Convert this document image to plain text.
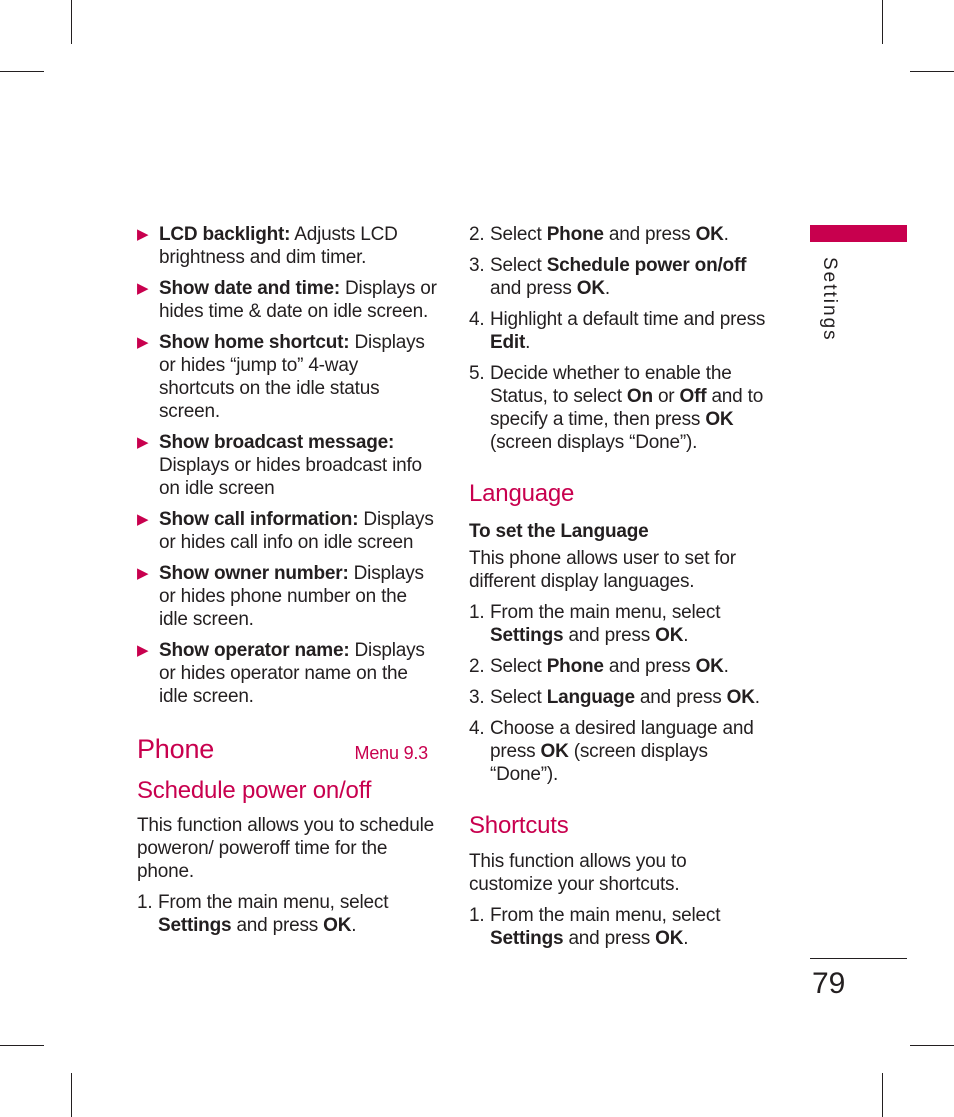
▶ LCD backlight: Adjusts LCD brightness and dim timer.
▶ Show date and time: Displays or hides time & date on idle screen.
▶ Show home shortcut: Displays or hides “jump to” 4-way shortcuts on the idle status screen.
▶ Show broadcast message: Displays or hides broadcast info on idle screen
▶ Show call information: Displays or hides call info on idle screen
▶ Show owner number: Displays or hides phone number on the idle screen.
▶ Show operator name: Displays or hides operator name on the idle screen.
Phone	Menu 9.3

Schedule power on/off

This function allows you to schedule poweron/ poweroff time for the phone.

1. From the main menu, select Settings and press OK.
2. Select Phone and press OK.
3. Select Schedule power on/off and press OK.
4. Highlight a default time and press Edit.
5. Decide whether to enable the Status, to select On or Off and to specify a time, then press OK (screen displays “Done”).

Language

To set the Language

This phone allows user to set for different display languages.

1. From the main menu, select Settings and press OK.
2. Select Phone and press OK.
3. Select Language and press OK.
4. Choose a desired language and press OK (screen displays “Done”).

Shortcuts

This function allows you to customize your shortcuts.

1. From the main menu, select Settings and press OK.
Settings
79
